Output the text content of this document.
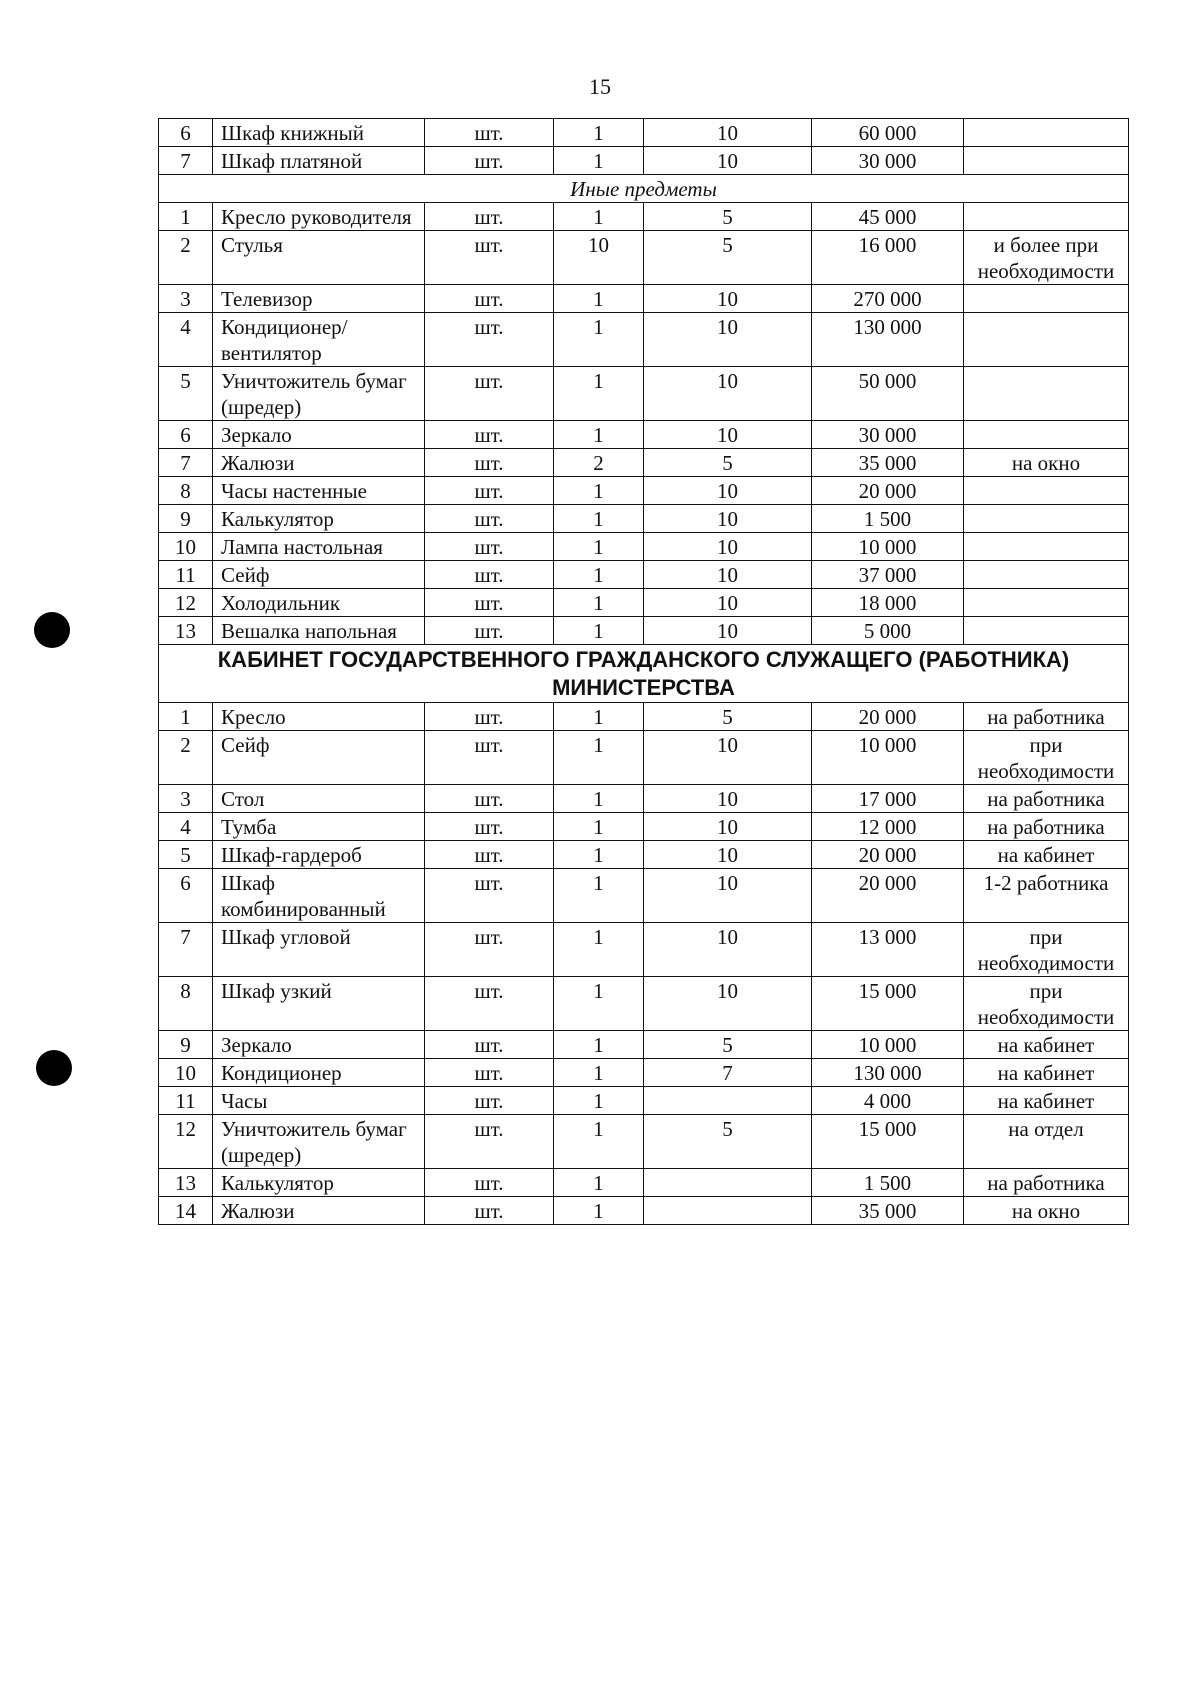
15
6	Шкаф книжный	шт.	1	10	60 000	
7	Шкаф платяной	шт.	1	10	30 000	
Иные предметы						
1	Кресло руководителя	шт.	1	5	45 000	
2	Стулья	шт.	10	5	16 000	и более при необходимости
3	Телевизор	шт.	1	10	270 000	
4	Кондиционер/ вентилятор	шт.	1	10	130 000	
5	Уничтожитель бумаг (шредер)	шт.	1	10	50 000	
6	Зеркало	шт.	1	10	30 000	
7	Жалюзи	шт.	2	5	35 000	на окно
8	Часы настенные	шт.	1	10	20 000	
9	Калькулятор	шт.	1	10	1 500	
10	Лампа настольная	шт.	1	10	10 000	
11	Сейф	шт.	1	10	37 000	
12	Холодильник	шт.	1	10	18 000	
13	Вешалка напольная	шт.	1	10	5 000	
КАБИНЕТ ГОСУДАРСТВЕННОГО ГРАЖДАНСКОГО СЛУЖАЩЕГО (РАБОТНИКА) МИНИСТЕРСТВА						
1	Кресло	шт.	1	5	20 000	на работника
2	Сейф	шт.	1	10	10 000	при необходимости
3	Стол	шт.	1	10	17 000	на работника
4	Тумба	шт.	1	10	12 000	на работника
5	Шкаф-гардероб	шт.	1	10	20 000	на кабинет
6	Шкаф комбинированный	шт.	1	10	20 000	1-2 работника
7	Шкаф угловой	шт.	1	10	13 000	при необходимости
8	Шкаф узкий	шт.	1	10	15 000	при необходимости
9	Зеркало	шт.	1	5	10 000	на кабинет
10	Кондиционер	шт.	1	7	130 000	на кабинет
11	Часы	шт.	1		4 000	на кабинет
12	Уничтожитель бумаг (шредер)	шт.	1	5	15 000	на отдел
13	Калькулятор	шт.	1		1 500	на работника
14	Жалюзи	шт.	1		35 000	на окно
